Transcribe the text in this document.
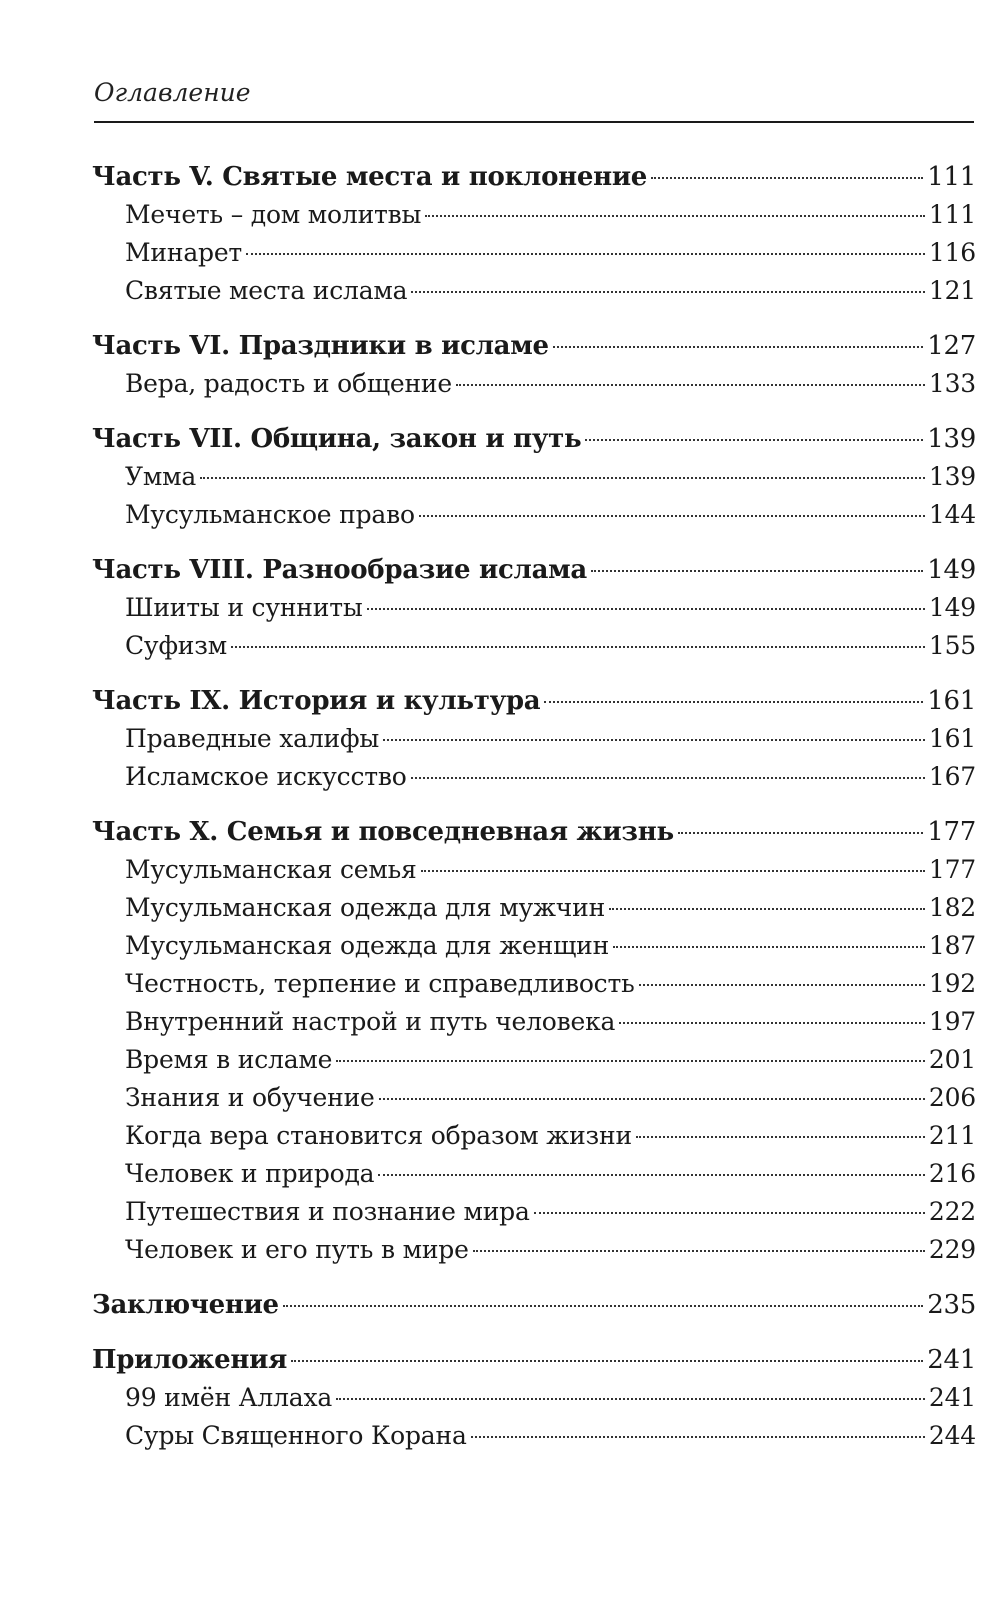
Оглавление
Часть V. Святые места и поклонение	111
Мечеть – дом молитвы	111
Минарет	116
Святые места ислама	121
Часть VI. Праздники в исламе	127
Вера, радость и общение	133
Часть VII. Община, закон и путь	139
Умма	139
Мусульманское право	144
Часть VIII. Разнообразие ислама	149
Шииты и сунниты	149
Суфизм	155
Часть IX. История и культура	161
Праведные халифы	161
Исламское искусство	167
Часть X. Семья и повседневная жизнь	177
Мусульманская семья	177
Мусульманская одежда для мужчин	182
Мусульманская одежда для женщин	187
Честность, терпение и справедливость	192
Внутренний настрой и путь человека	197
Время в исламе	201
Знания и обучение	206
Когда вера становится образом жизни	211
Человек и природа	216
Путешествия и познание мира	222
Человек и его путь в мире	229
Заключение	235
Приложения	241
99 имён Аллаха	241
Суры Священного Корана	244
